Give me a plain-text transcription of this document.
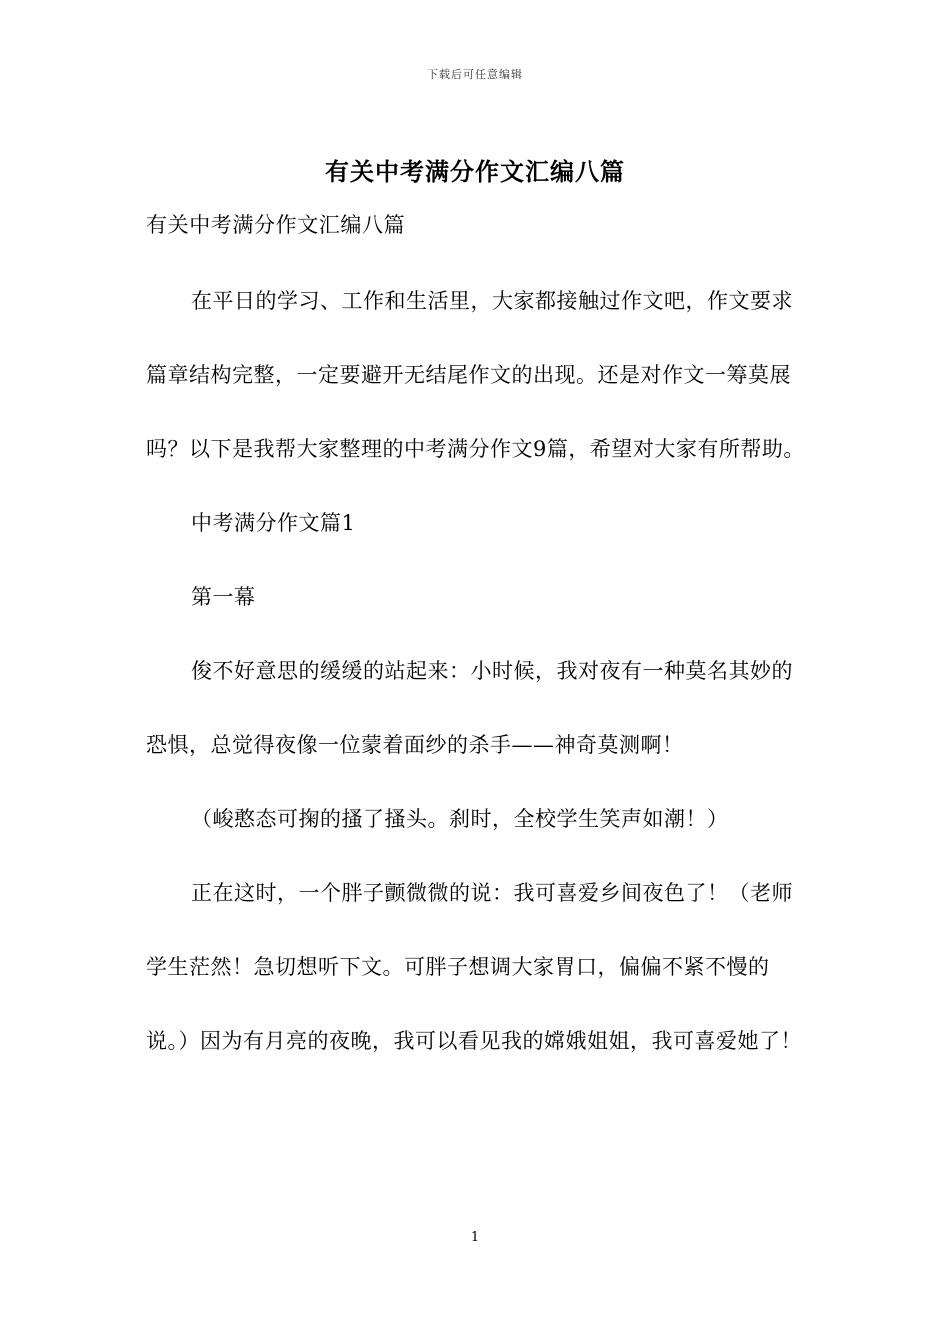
下载后可任意编辑
有关中考满分作文汇编八篇
有关中考满分作文汇编八篇

在平日的学习、工作和生活里，大家都接触过作文吧，作文要求篇章结构完整，一定要避开无结尾作文的出现。还是对作文一筹莫展吗？以下是我帮大家整理的中考满分作文9篇，希望对大家有所帮助。

中考满分作文篇1

第一幕

俊不好意思的缓缓的站起来：小时候，我对夜有一种莫名其妙的恐惧，总觉得夜像一位蒙着面纱的杀手——神奇莫测啊！

（峻憨态可掬的搔了搔头。刹时，全校学生笑声如潮！）

正在这时，一个胖子颤微微的说：我可喜爱乡间夜色了！（老师学生茫然！急切想听下文。可胖子想调大家胃口，偏偏不紧不慢的说。）因为有月亮的夜晚，我可以看见我的嫦娥姐姐，我可喜爱她了！

1
